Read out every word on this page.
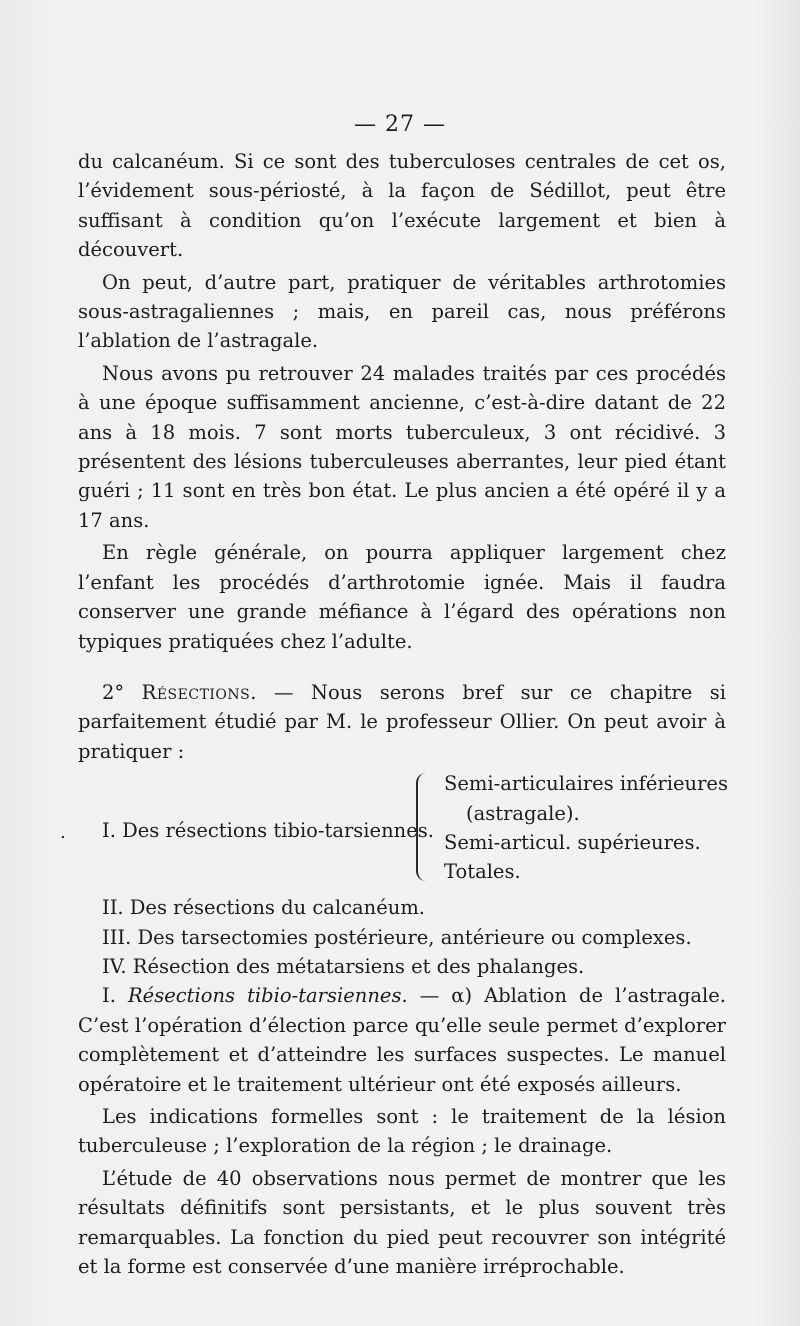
— 27 —

du calcanéum. Si ce sont des tuberculoses centrales de cet os, l’évidement sous-périosté, à la façon de Sédillot, peut être suffisant à condition qu’on l’exécute largement et bien à découvert.

On peut, d’autre part, pratiquer de véritables arthrotomies sous-astragaliennes ; mais, en pareil cas, nous préférons l’ablation de l’astragale.

Nous avons pu retrouver 24 malades traités par ces procédés à une époque suffisamment ancienne, c’est-à-dire datant de 22 ans à 18 mois. 7 sont morts tuberculeux, 3 ont récidivé. 3 présentent des lésions tuberculeuses aberrantes, leur pied étant guéri ; 11 sont en très bon état. Le plus ancien a été opéré il y a 17 ans.

En règle générale, on pourra appliquer largement chez l’enfant les procédés d’arthrotomie ignée. Mais il faudra conserver une grande méfiance à l’égard des opérations non typiques pratiquées chez l’adulte.

2° Résections. — Nous serons bref sur ce chapitre si parfaitement étudié par M. le professeur Ollier. On peut avoir à pratiquer :

I. Des résections tibio-tarsiennes.
Semi-articulaires inférieures
(astragale).
Semi-articul. supérieures.
Totales.
II. Des résections du calcanéum.
III. Des tarsectomies postérieure, antérieure ou complexes.
IV. Résection des métatarsiens et des phalanges.

I. Résections tibio-tarsiennes. — α) Ablation de l’astragale. C’est l’opération d’élection parce qu’elle seule permet d’explorer complètement et d’atteindre les surfaces suspectes. Le manuel opératoire et le traitement ultérieur ont été exposés ailleurs.

Les indications formelles sont : le traitement de la lésion tuberculeuse ; l’exploration de la région ; le drainage.

L’étude de 40 observations nous permet de montrer que les résultats définitifs sont persistants, et le plus souvent très remarquables. La fonction du pied peut recouvrer son intégrité et la forme est conservée d’une manière irréprochable.

.
